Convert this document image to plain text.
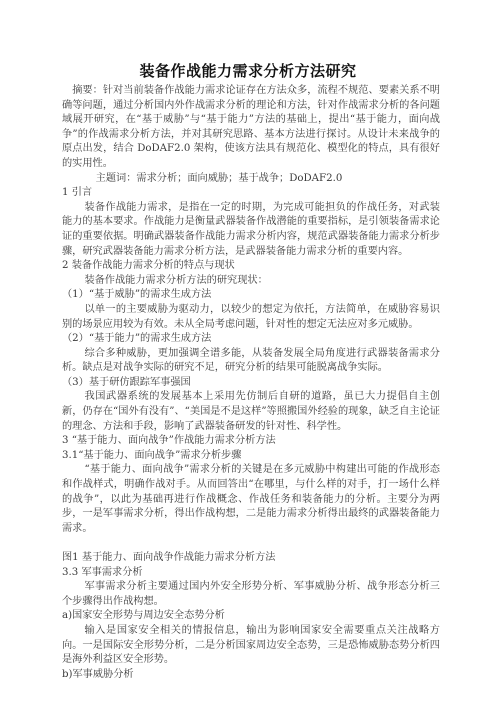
装备作战能力需求分析方法研究

摘要：针对当前装备作战能力需求论证存在方法众多，流程不规范、要素关系不明确等问题，通过分析国内外作战需求分析的理论和方法，针对作战需求分析的各问题域展开研究，在“基于威胁”与“基于能力”方法的基础上，提出“基于能力，面向战争”的作战需求分析方法，并对其研究思路、基本方法进行探讨。从设计未来战争的原点出发，结合 DoDAF2.0 架构，使该方法具有规范化、模型化的特点，具有很好的实用性。

主题词：需求分析；面向威胁；基于战争；DoDAF2.0

1 引言

装备作战能力需求，是指在一定的时期，为完成可能担负的作战任务，对武装能力的基本要求。作战能力是衡量武器装备作战潜能的重要指标，是引领装备需求论证的重要依据。明确武器装备作战能力需求分析内容，规范武器装备能力需求分析步骤，研究武器装备能力需求分析方法，是武器装备能力需求分析的重要内容。

2 装备作战能力需求分析的特点与现状

装备作战能力需求分析方法的研究现状：

（1）“基于威胁”的需求生成方法

以单一的主要威胁为驱动力，以较少的想定为依托，方法简单，在威胁容易识别的场景应用较为有效。未从全局考虑问题，针对性的想定无法应对多元威胁。

（2）“基于能力”的需求生成方法

综合多种威胁，更加强调全谱多能，从装备发展全局角度进行武器装备需求分析。缺点是对战争实际的研究不足，研究分析的结果可能脱离战争实际。

（3）基于研仿跟踪军事强国

我国武器系统的发展基本上采用先仿制后自研的道路，虽已大力提倡自主创新，仍存在“国外有没有”、“美国是不是这样”等照搬国外经验的现象，缺乏自主论证的理念、方法和手段，影响了武器装备研发的针对性、科学性。

3 “基于能力、面向战争”作战能力需求分析方法

3.1“基于能力、面向战争”需求分析步骤

“基于能力、面向战争”需求分析的关键是在多元威胁中构建出可能的作战形态和作战样式，明确作战对手。从而回答出“在哪里，与什么样的对手，打一场什么样的战争”，以此为基础再进行作战概念、作战任务和装备能力的分析。主要分为两步，一是军事需求分析，得出作战构想，二是能力需求分析得出最终的武器装备能力需求。

图1 基于能力、面向战争作战能力需求分析方法

3.3 军事需求分析

军事需求分析主要通过国内外安全形势分析、军事威胁分析、战争形态分析三个步骤得出作战构想。

a)国家安全形势与周边安全态势分析

输入是国家安全相关的情报信息，输出为影响国家安全需要重点关注战略方向。一是国际安全形势分析，二是分析国家周边安全态势，三是恐怖威胁态势分析四是海外利益区安全形势。

b)军事威胁分析
